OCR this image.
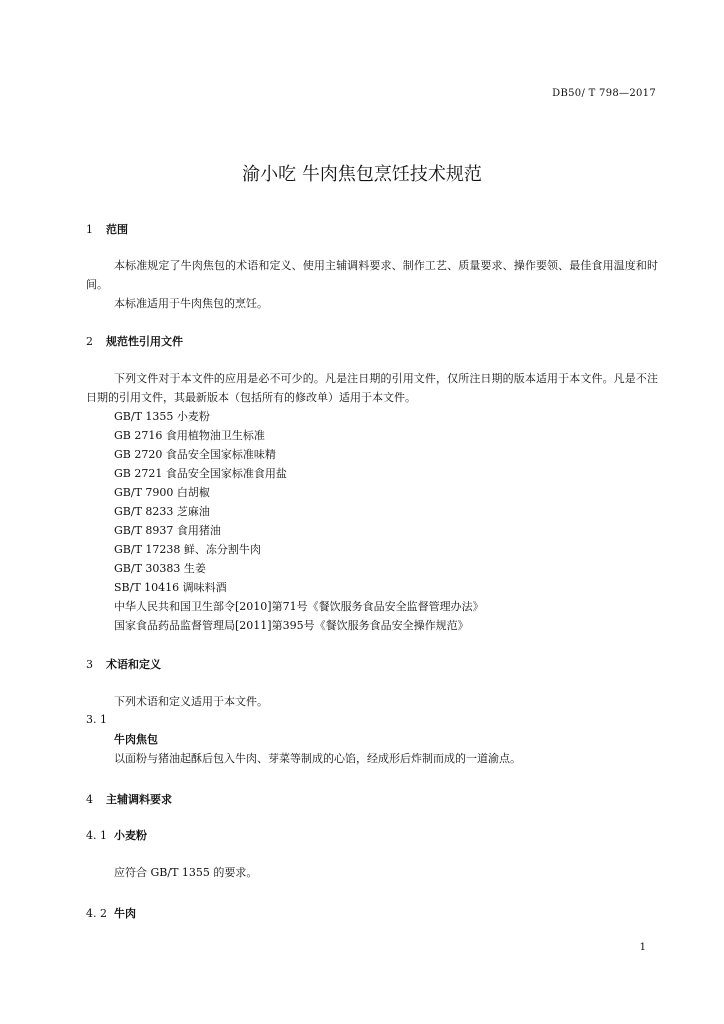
DB50/ T 798—2017
渝小吃 牛肉焦包烹饪技术规范
1 范围
本标准规定了牛肉焦包的术语和定义、使用主辅调料要求、制作工艺、质量要求、操作要领、最佳食用温度和时间。
本标准适用于牛肉焦包的烹饪。
2 规范性引用文件
下列文件对于本文件的应用是必不可少的。凡是注日期的引用文件，仅所注日期的版本适用于本文件。凡是不注日期的引用文件，其最新版本（包括所有的修改单）适用于本文件。
GB/T 1355 小麦粉
GB 2716 食用植物油卫生标准
GB 2720 食品安全国家标准味精
GB 2721 食品安全国家标准食用盐
GB/T 7900 白胡椒
GB/T 8233 芝麻油
GB/T 8937 食用猪油
GB/T 17238 鲜、冻分割牛肉
GB/T 30383 生姜
SB/T 10416 调味料酒
中华人民共和国卫生部令[2010]第71号《餐饮服务食品安全监督管理办法》
国家食品药品监督管理局[2011]第395号《餐饮服务食品安全操作规范》
3 术语和定义
下列术语和定义适用于本文件。
3. 1
牛肉焦包
以面粉与猪油起酥后包入牛肉、芽菜等制成的心馅，经成形后炸制而成的一道渝点。
4 主辅调料要求
4. 1 小麦粉
应符合 GB/T 1355 的要求。
4. 2 牛肉
1
